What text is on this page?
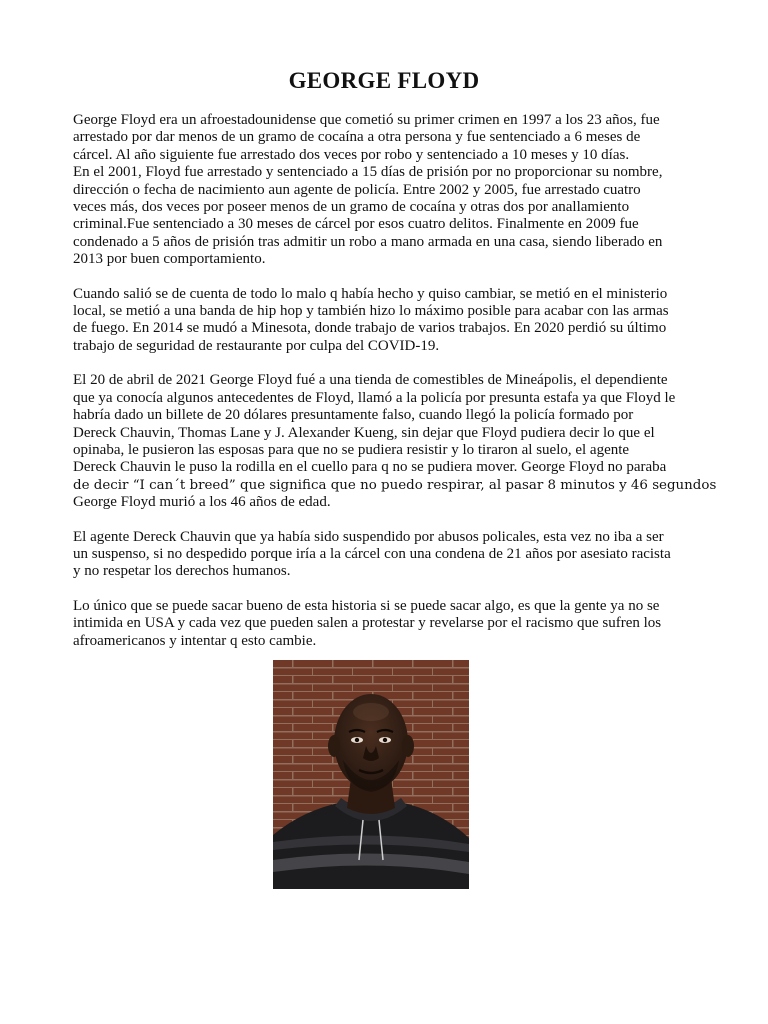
GEORGE FLOYD
George Floyd era un afroestadounidense que cometió su primer crimen en 1997 a los 23 años, fue
arrestado por dar menos de un gramo de cocaína a otra persona y fue sentenciado a 6 meses de
cárcel. Al año siguiente fue arrestado dos veces por robo y sentenciado a 10 meses y 10 días.
En el 2001, Floyd fue arrestado y sentenciado a 15 días de prisión por no proporcionar su nombre,
dirección o fecha de nacimiento aun agente de policía. Entre 2002 y 2005, fue arrestado cuatro
veces más, dos veces por poseer menos de un gramo de cocaína y otras dos por anallamiento
criminal.Fue sentenciado a 30 meses de cárcel por esos cuatro delitos. Finalmente en 2009 fue
condenado a 5 años de prisión tras admitir un robo a mano armada en una casa, siendo liberado en
2013 por buen comportamiento.
Cuando salió se de cuenta de todo lo malo q había hecho y quiso cambiar, se metió en el ministerio
local, se metió a una banda de hip hop y también hizo lo máximo posible para acabar con las armas
de fuego. En 2014 se mudó a Minesota, donde trabajo de varios trabajos. En 2020 perdió su último
trabajo de seguridad de restaurante por culpa del COVID-19.
El 20 de abril de 2021 George Floyd fué a una tienda de comestibles de Mineápolis, el dependiente
que ya conocía algunos antecedentes de Floyd, llamó a la policía por presunta estafa ya que Floyd le
habría dado un billete de 20 dólares presuntamente falso, cuando llegó la policía formado por
Dereck Chauvin, Thomas Lane y J. Alexander Kueng, sin dejar que Floyd pudiera decir lo que el
opinaba, le pusieron las esposas para que no se pudiera resistir y lo tiraron al suelo, el agente
Dereck Chauvin le puso la rodilla en el cuello para q no se pudiera mover. George Floyd no paraba
de decir “I can´t breed” que significa que no puedo respirar, al pasar 8 minutos y 46 segundos
George Floyd murió a los 46 años de edad.
El agente Dereck Chauvin que ya había sido suspendido por abusos policales, esta vez no iba a ser
un suspenso, si no despedido porque iría a la cárcel con una condena de 21 años por asesiato racista
y no respetar los derechos humanos.
Lo único que se puede sacar bueno de esta historia si se puede sacar algo, es que la gente ya no se
intimida en USA y cada vez que pueden salen a protestar y revelarse por el racismo que sufren los
afroamericanos y intentar q esto cambie.
